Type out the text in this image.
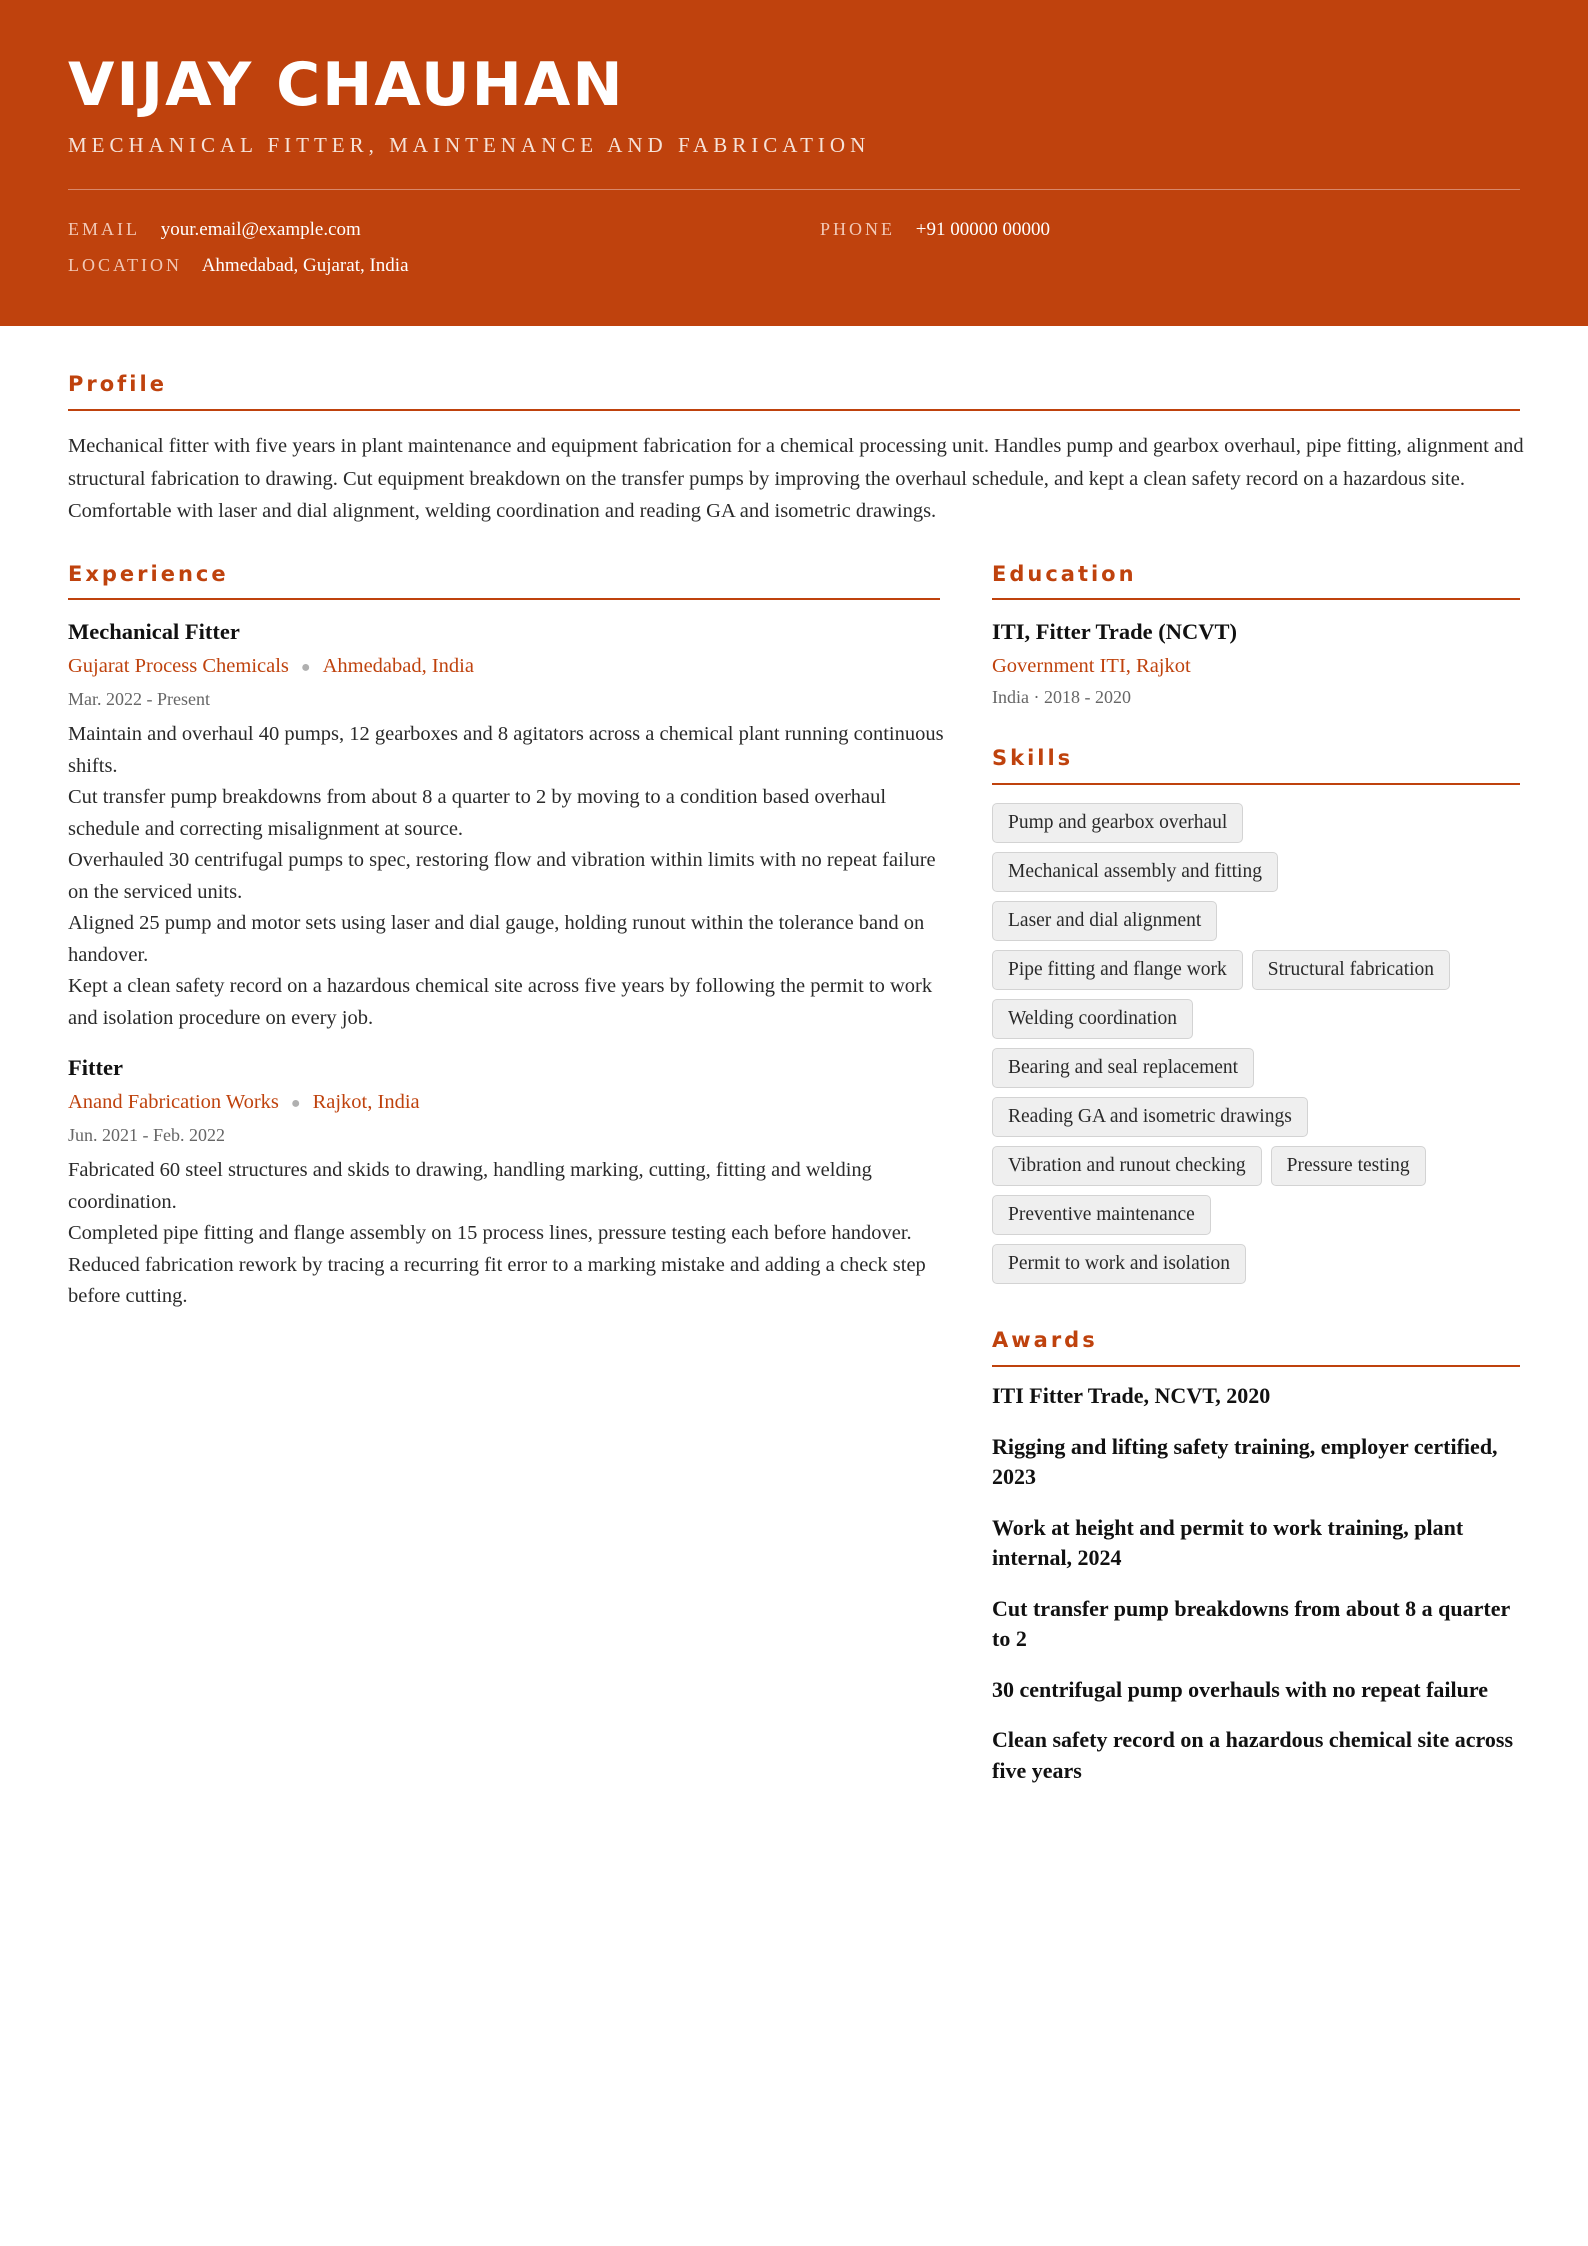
VIJAY CHAUHAN
MECHANICAL FITTER, MAINTENANCE AND FABRICATION
EMAIL your.email@example.com	PHONE +91 00000 00000
LOCATION Ahmedabad, Gujarat, India
Profile
Mechanical fitter with five years in plant maintenance and equipment fabrication for a chemical processing unit. Handles pump and gearbox overhaul, pipe fitting, alignment and structural fabrication to drawing. Cut equipment breakdown on the transfer pumps by improving the overhaul schedule, and kept a clean safety record on a hazardous site. Comfortable with laser and dial alignment, welding coordination and reading GA and isometric drawings.
Experience
Mechanical Fitter
Gujarat Process Chemicals ● Ahmedabad, India
Mar. 2022 - Present

Maintain and overhaul 40 pumps, 12 gearboxes and 8 agitators across a chemical plant running continuous shifts.

Cut transfer pump breakdowns from about 8 a quarter to 2 by moving to a condition based overhaul schedule and correcting misalignment at source.

Overhauled 30 centrifugal pumps to spec, restoring flow and vibration within limits with no repeat failure on the serviced units.

Aligned 25 pump and motor sets using laser and dial gauge, holding runout within the tolerance band on handover.

Kept a clean safety record on a hazardous chemical site across five years by following the permit to work and isolation procedure on every job.

Fitter
Anand Fabrication Works ● Rajkot, India
Jun. 2021 - Feb. 2022

Fabricated 60 steel structures and skids to drawing, handling marking, cutting, fitting and welding coordination.

Completed pipe fitting and flange assembly on 15 process lines, pressure testing each before handover.

Reduced fabrication rework by tracing a recurring fit error to a marking mistake and adding a check step before cutting.

Education
ITI, Fitter Trade (NCVT)
Government ITI, Rajkot
India · 2018 - 2020
Skills
Pump and gearbox overhaul
Mechanical assembly and fitting
Laser and dial alignment
Pipe fitting and flange work	Structural fabrication
Welding coordination
Bearing and seal replacement
Reading GA and isometric drawings
Vibration and runout checking	Pressure testing
Preventive maintenance
Permit to work and isolation
Awards
ITI Fitter Trade, NCVT, 2020
Rigging and lifting safety training, employer certified, 2023
Work at height and permit to work training, plant internal, 2024
Cut transfer pump breakdowns from about 8 a quarter to 2
30 centrifugal pump overhauls with no repeat failure
Clean safety record on a hazardous chemical site across five years
